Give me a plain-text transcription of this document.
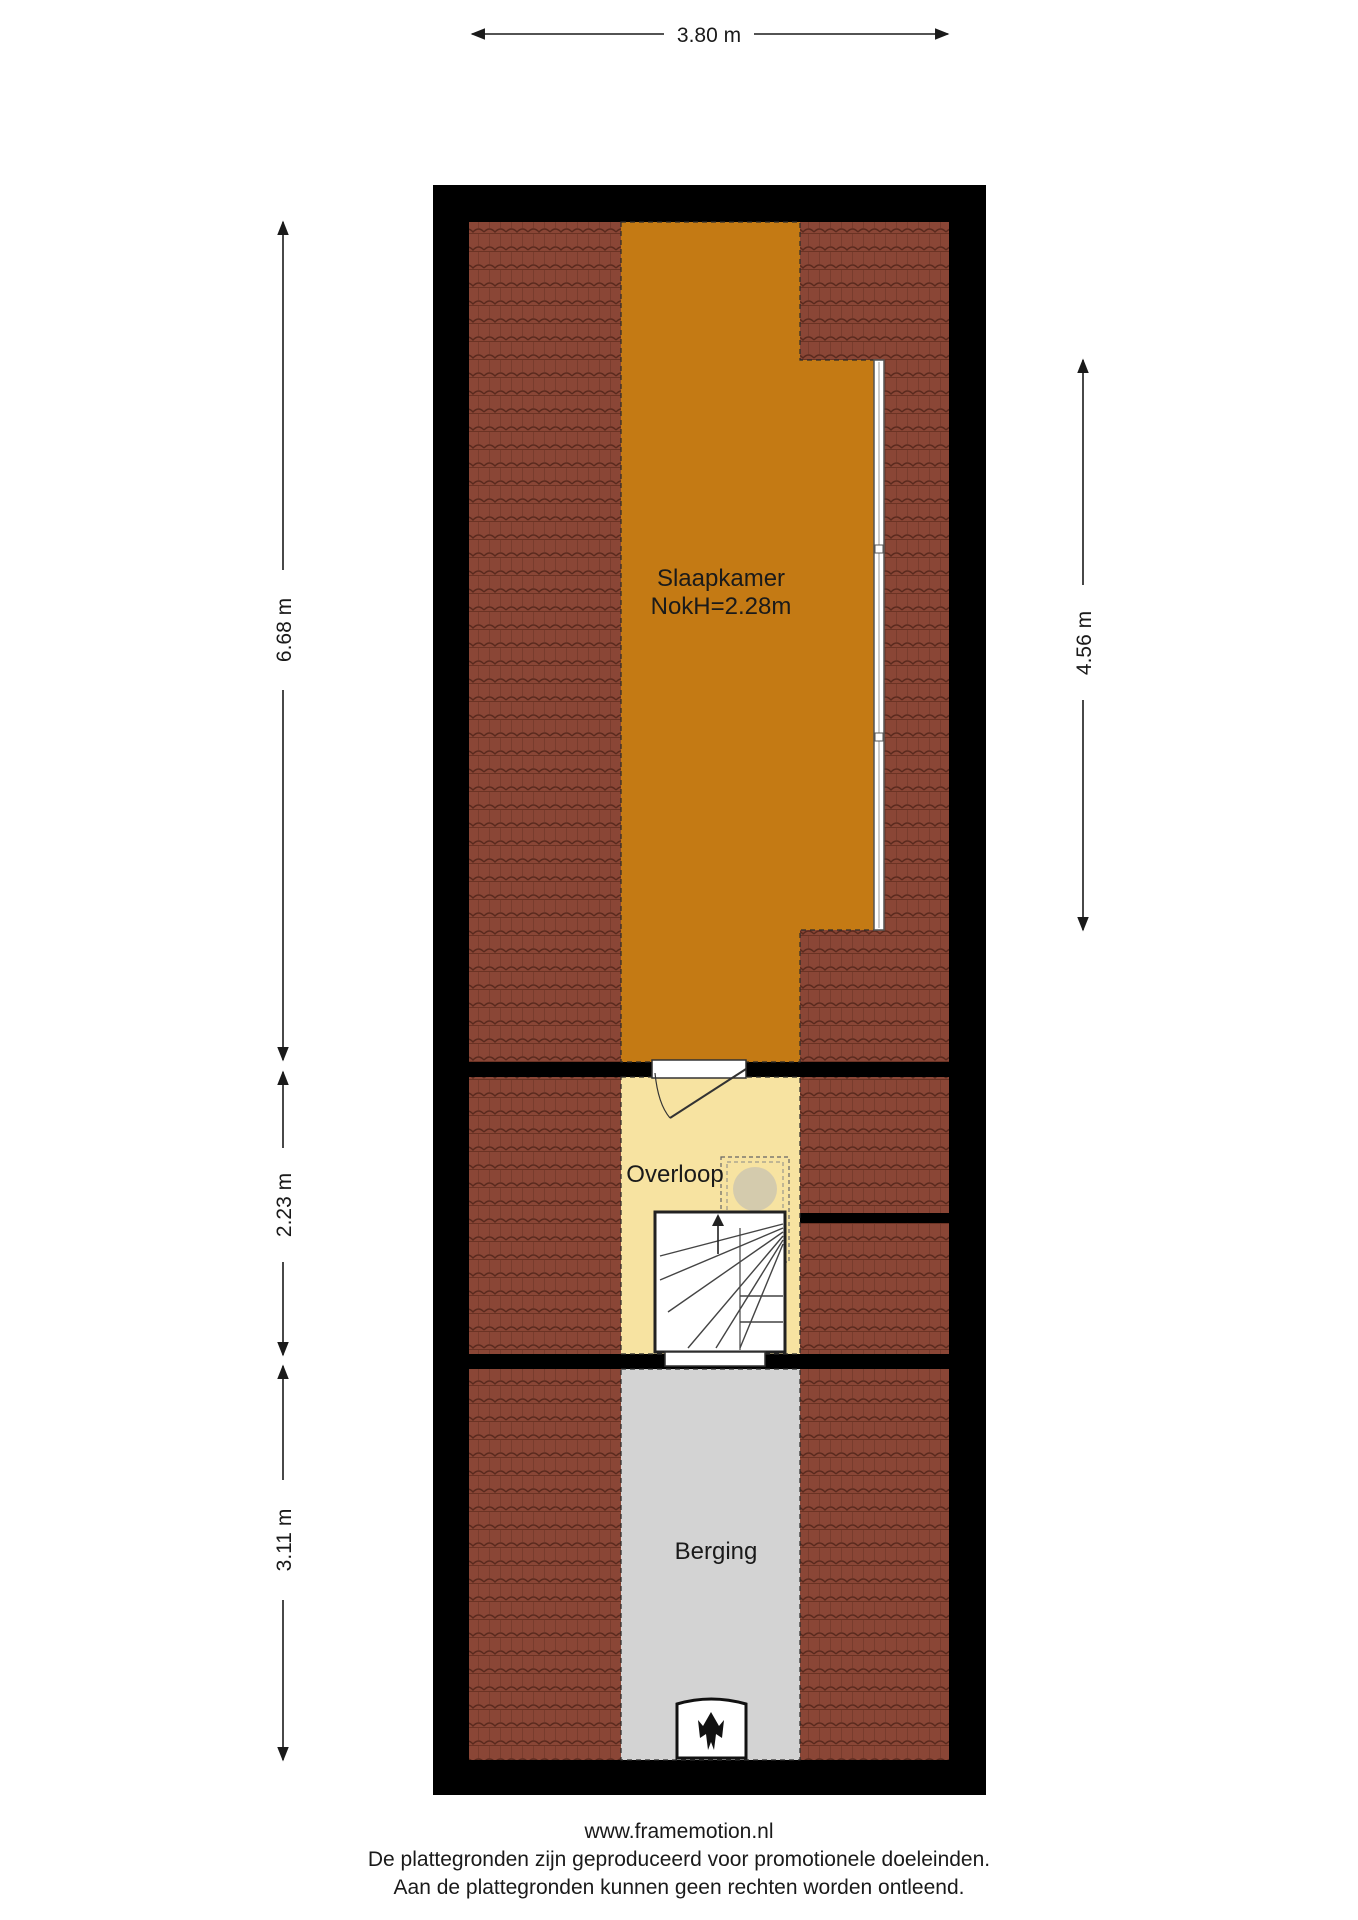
Slaapkamer
NokH=2.28m
Overloop
Berging
3.80 m
6.68 m
2.23 m
3.11 m
4.56 m
www.framemotion.nl
De plattegronden zijn geproduceerd voor promotionele doeleinden.
Aan de plattegronden kunnen geen rechten worden ontleend.
